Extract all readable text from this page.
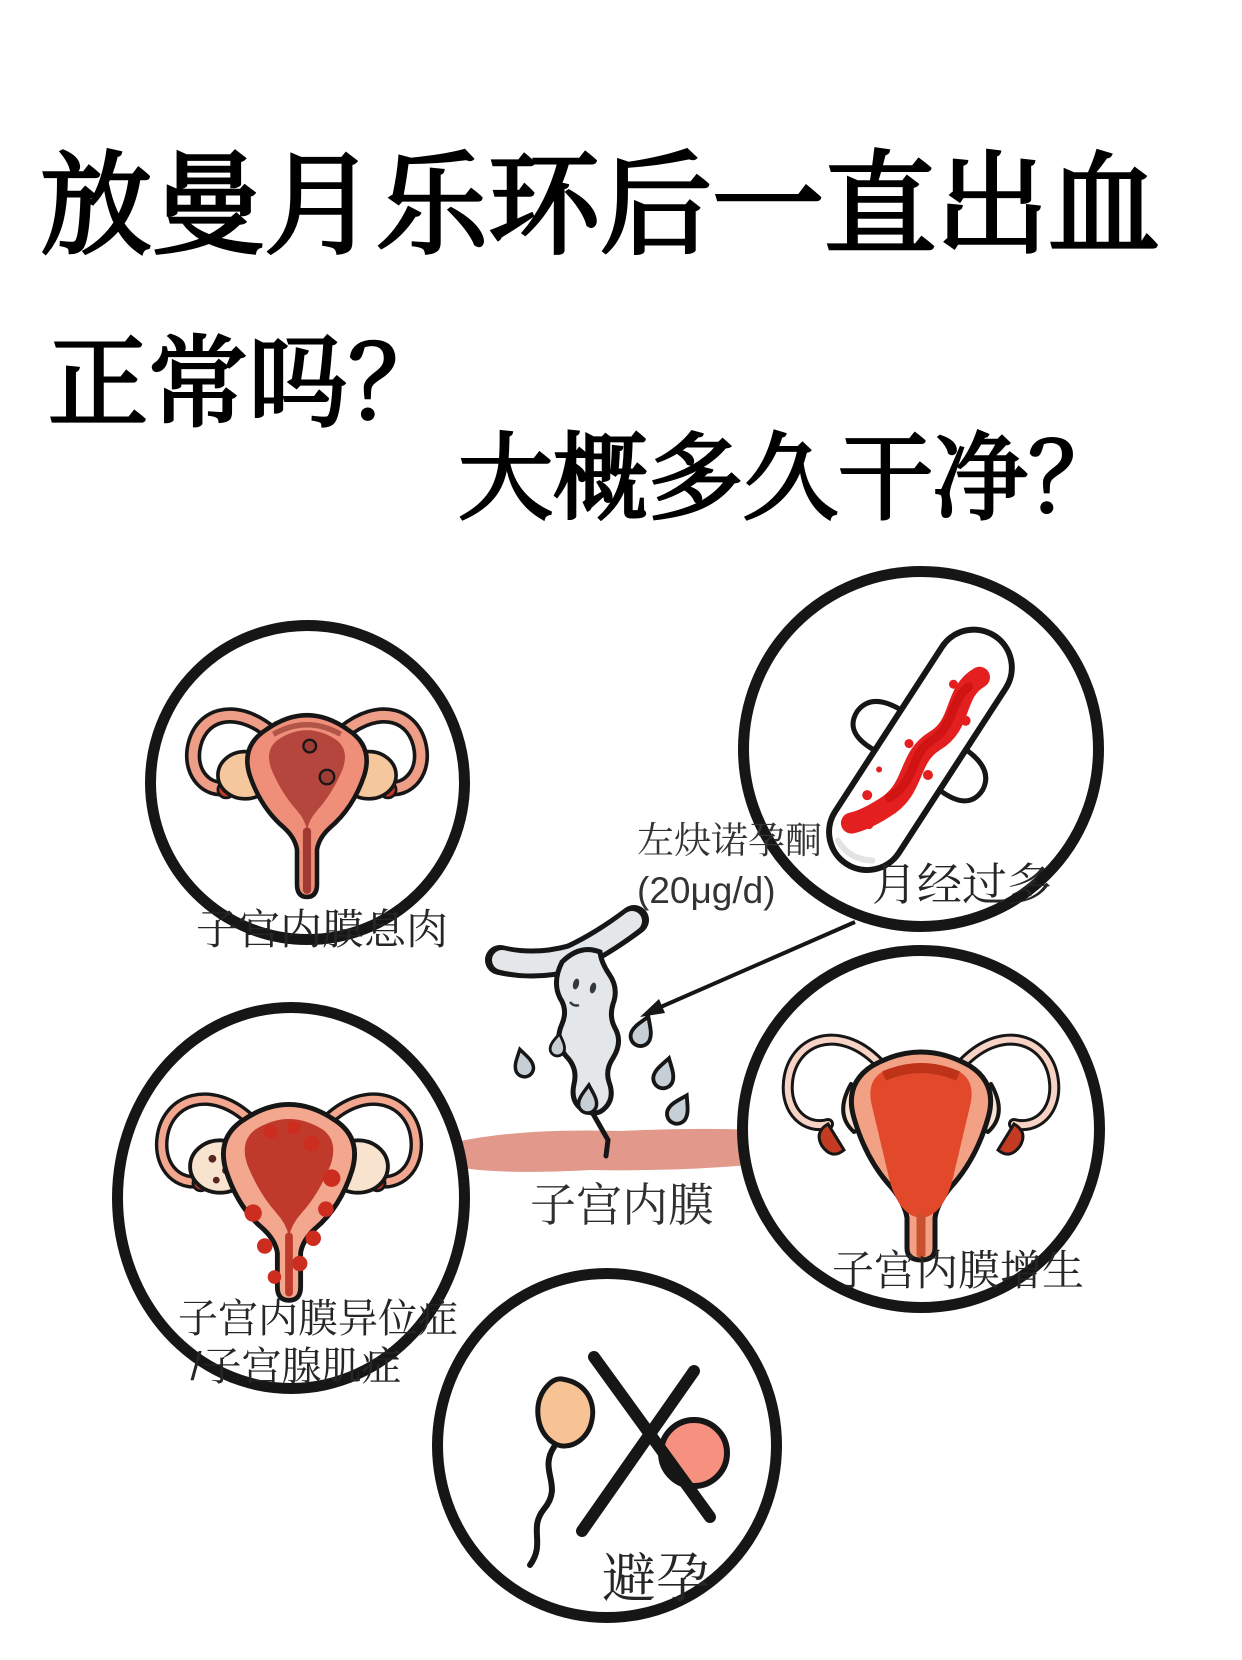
放曼月乐环后一直出血
正常吗？
大概多久干净？
子宫内膜息肉
月经过多
左炔诺孕酮
(20μg/d)
子宫内膜
子宫内膜异位症
/子宫腺肌症
子宫内膜增生
避孕
